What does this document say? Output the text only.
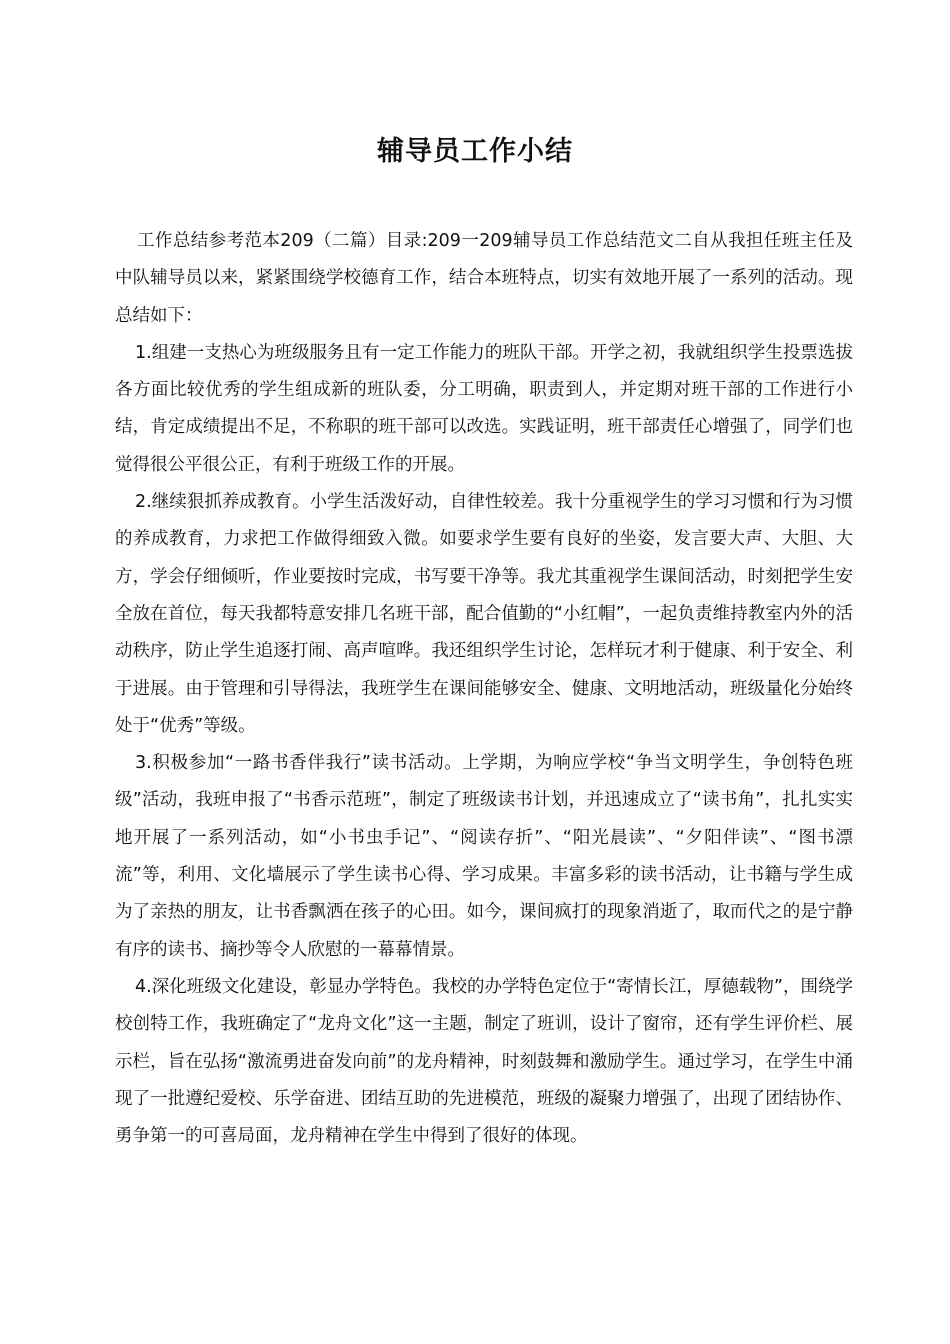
辅导员工作小结

工作总结参考范本209（二篇）目录:209一209辅导员工作总结范文二自从我担任班主任及中队辅导员以来，紧紧围绕学校德育工作，结合本班特点，切实有效地开展了一系列的活动。现总结如下：

1.组建一支热心为班级服务且有一定工作能力的班队干部。开学之初，我就组织学生投票选拔各方面比较优秀的学生组成新的班队委，分工明确，职责到人，并定期对班干部的工作进行小结，肯定成绩提出不足，不称职的班干部可以改选。实践证明，班干部责任心增强了，同学们也觉得很公平很公正，有利于班级工作的开展。

2.继续狠抓养成教育。小学生活泼好动，自律性较差。我十分重视学生的学习习惯和行为习惯的养成教育，力求把工作做得细致入微。如要求学生要有良好的坐姿，发言要大声、大胆、大方，学会仔细倾听，作业要按时完成，书写要干净等。我尤其重视学生课间活动，时刻把学生安全放在首位，每天我都特意安排几名班干部，配合值勤的“小红帽”，一起负责维持教室内外的活动秩序，防止学生追逐打闹、高声喧哗。我还组织学生讨论，怎样玩才利于健康、利于安全、利于进展。由于管理和引导得法，我班学生在课间能够安全、健康、文明地活动，班级量化分始终处于“优秀”等级。

3.积极参加“一路书香伴我行”读书活动。上学期，为响应学校“争当文明学生，争创特色班级”活动，我班申报了“书香示范班”，制定了班级读书计划，并迅速成立了“读书角”，扎扎实实地开展了一系列活动，如“小书虫手记”、“阅读存折”、“阳光晨读”、“夕阳伴读”、“图书漂流”等，利用、文化墙展示了学生读书心得、学习成果。丰富多彩的读书活动，让书籍与学生成为了亲热的朋友，让书香飘洒在孩子的心田。如今，课间疯打的现象消逝了，取而代之的是宁静有序的读书、摘抄等令人欣慰的一幕幕情景。

4.深化班级文化建设，彰显办学特色。我校的办学特色定位于“寄情长江，厚德载物”，围绕学校创特工作，我班确定了“龙舟文化”这一主题，制定了班训，设计了窗帘，还有学生评价栏、展示栏，旨在弘扬“激流勇进奋发向前”的龙舟精神，时刻鼓舞和激励学生。通过学习，在学生中涌现了一批遵纪爱校、乐学奋进、团结互助的先进模范，班级的凝聚力增强了，出现了团结协作、勇争第一的可喜局面，龙舟精神在学生中得到了很好的体现。
